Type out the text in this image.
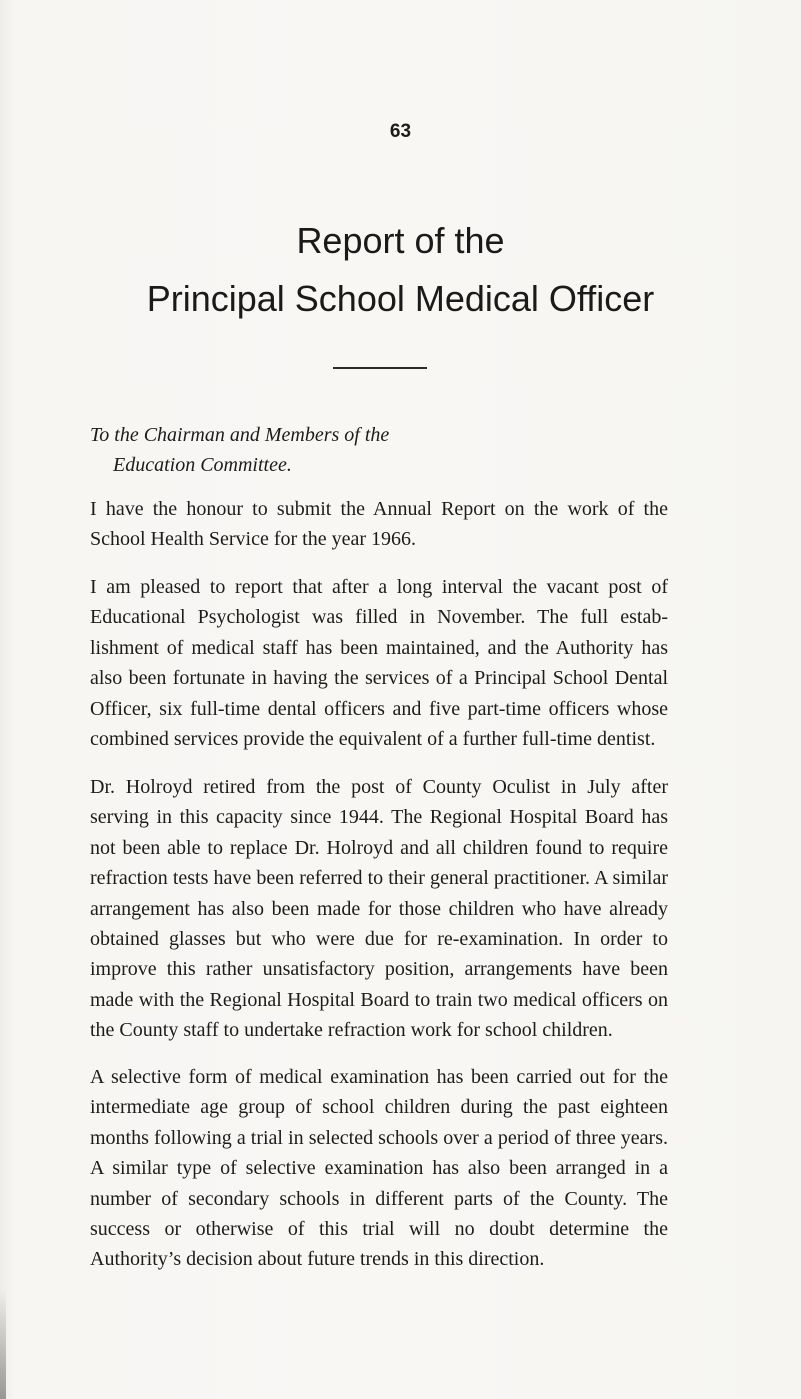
63
Report of the
Principal School Medical Officer
To the Chairman and Members of the
Education Committee.

I have the honour to submit the Annual Report on the work of the School Health Service for the year 1966.

I am pleased to report that after a long interval the vacant post of Educational Psychologist was filled in November. The full establishment of medical staff has been maintained, and the Authority has also been fortunate in having the services of a Principal School Dental Officer, six full-time dental officers and five part-time officers whose combined services provide the equivalent of a further full-time dentist.

Dr. Holroyd retired from the post of County Oculist in July after serving in this capacity since 1944. The Regional Hospital Board has not been able to replace Dr. Holroyd and all children found to require refraction tests have been referred to their general practitioner. A similar arrangement has also been made for those children who have already obtained glasses but who were due for re-examination. In order to improve this rather unsatisfactory position, arrangements have been made with the Regional Hospital Board to train two medical officers on the County staff to undertake refraction work for school children.

A selective form of medical examination has been carried out for the intermediate age group of school children during the past eighteen months following a trial in selected schools over a period of three years. A similar type of selective examination has also been arranged in a number of secondary schools in different parts of the County. The success or otherwise of this trial will no doubt determine the Authority’s decision about future trends in this direction.
